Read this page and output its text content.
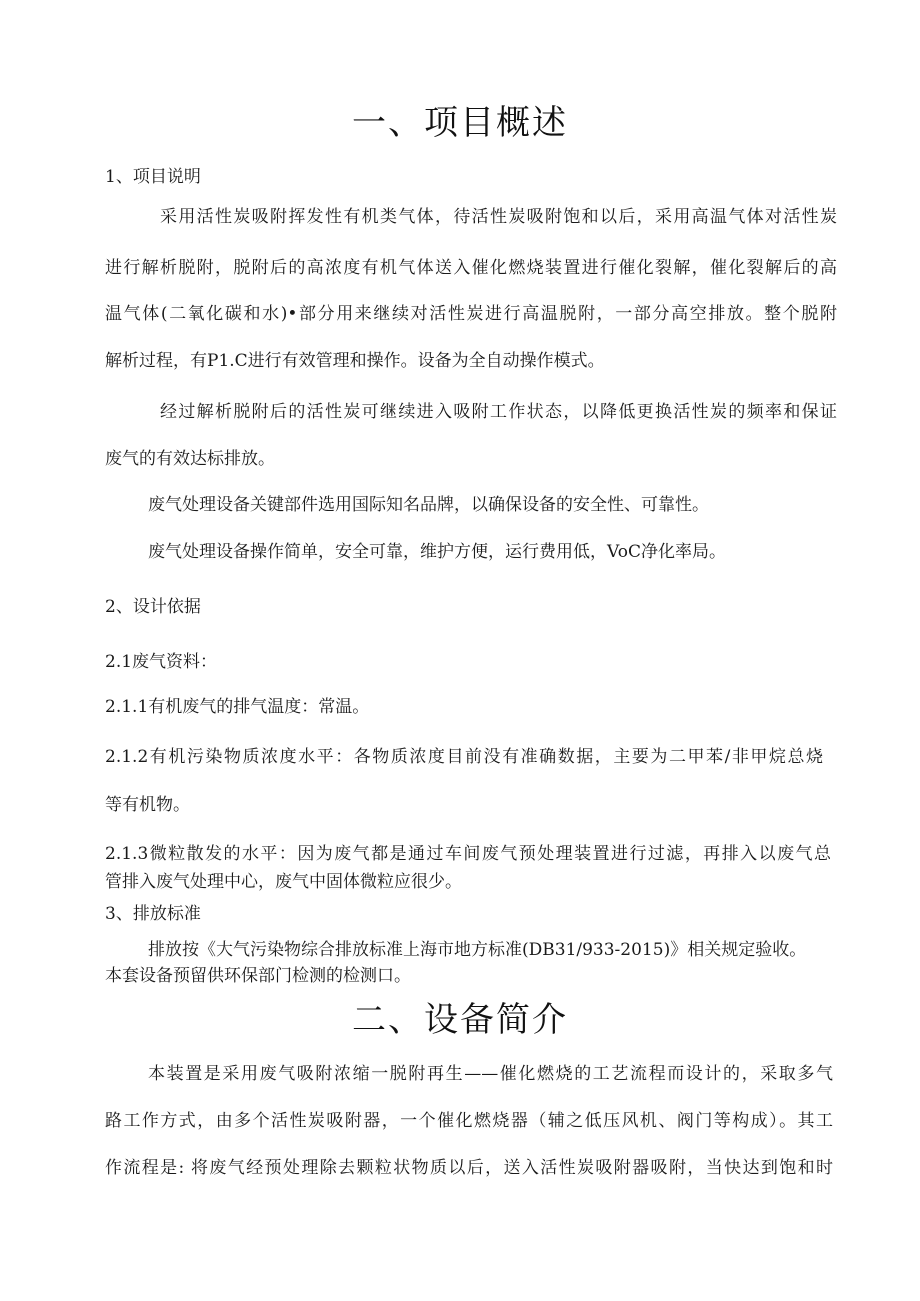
一、项目概述

1、项目说明

采用活性炭吸附挥发性有机类气体，待活性炭吸附饱和以后，采用高温气体对活性炭

进行解析脱附，脱附后的高浓度有机气体送入催化燃烧装置进行催化裂解，催化裂解后的高

温气体(二氧化碳和水)•部分用来继续对活性炭进行高温脱附，一部分高空排放。整个脱附

解析过程，有P1.C进行有效管理和操作。设备为全自动操作模式。

经过解析脱附后的活性炭可继续进入吸附工作状态，以降低更换活性炭的频率和保证

废气的有效达标排放。

废气处理设备关键部件选用国际知名品牌，以确保设备的安全性、可靠性。

废气处理设备操作简单，安全可靠，维护方便，运行费用低，VoC净化率局。

2、设计依据

2.1废气资料：

2.1.1有机废气的排气温度：常温。

2.1.2有机污染物质浓度水平：各物质浓度目前没有准确数据，主要为二甲苯/非甲烷总烧

等有机物。

2.1.3微粒散发的水平：因为废气都是通过车间废气预处理装置进行过滤，再排入以废气总

管排入废气处理中心，废气中固体微粒应很少。

3、排放标准

排放按《大气污染物综合排放标准上海市地方标准(DB31/933-2015)》相关规定验收。

本套设备预留供环保部门检测的检测口。

二、设备简介

本装置是采用废气吸附浓缩一脱附再生——催化燃烧的工艺流程而设计的，采取多气

路工作方式，由多个活性炭吸附器，一个催化燃烧器（辅之低压风机、阀门等构成）。其工

作流程是: 将废气经预处理除去颗粒状物质以后，送入活性炭吸附器吸附，当快达到饱和时
